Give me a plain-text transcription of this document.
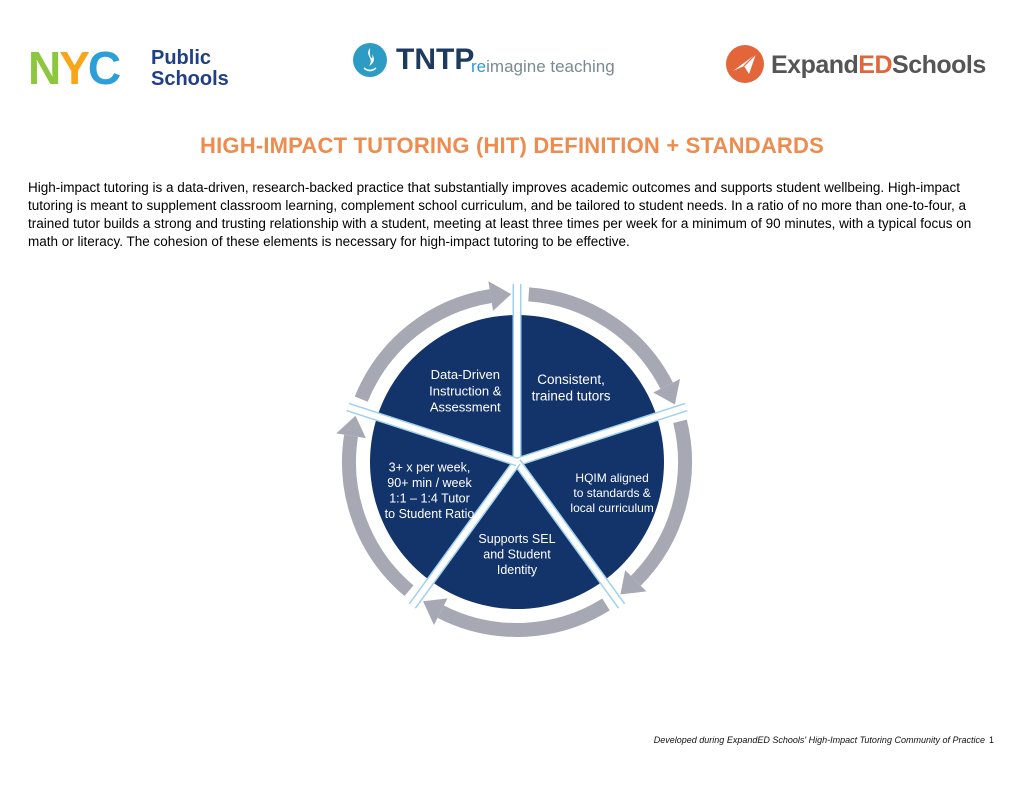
N Y C Public
Schools
TNTP
reimagine teaching	ExpandEDSchools
HIGH-IMPACT TUTORING (HIT) DEFINITION + STANDARDS

High-impact tutoring is a data-driven, research-backed practice that substantially improves academic outcomes and supports student wellbeing. High-impact tutoring is meant to supplement classroom learning, complement school curriculum, and be tailored to student needs. In a ratio of no more than one-to-four, a trained tutor builds a strong and trusting relationship with a student, meeting at least three times per week for a minimum of 90 minutes, with a typical focus on math or literacy. The cohesion of these elements is necessary for high-impact tutoring to be effective.

Data-Driven Instruction & Assessment
Consistent, trained tutors
HQIM aligned to standards & local curriculum
Supports SEL and Student Identity
3+ x per week, 90+ min / week 1:1 – 1:4 Tutor to Student Ratio
Developed during ExpandED Schools' High-Impact Tutoring Community of Practice 1
